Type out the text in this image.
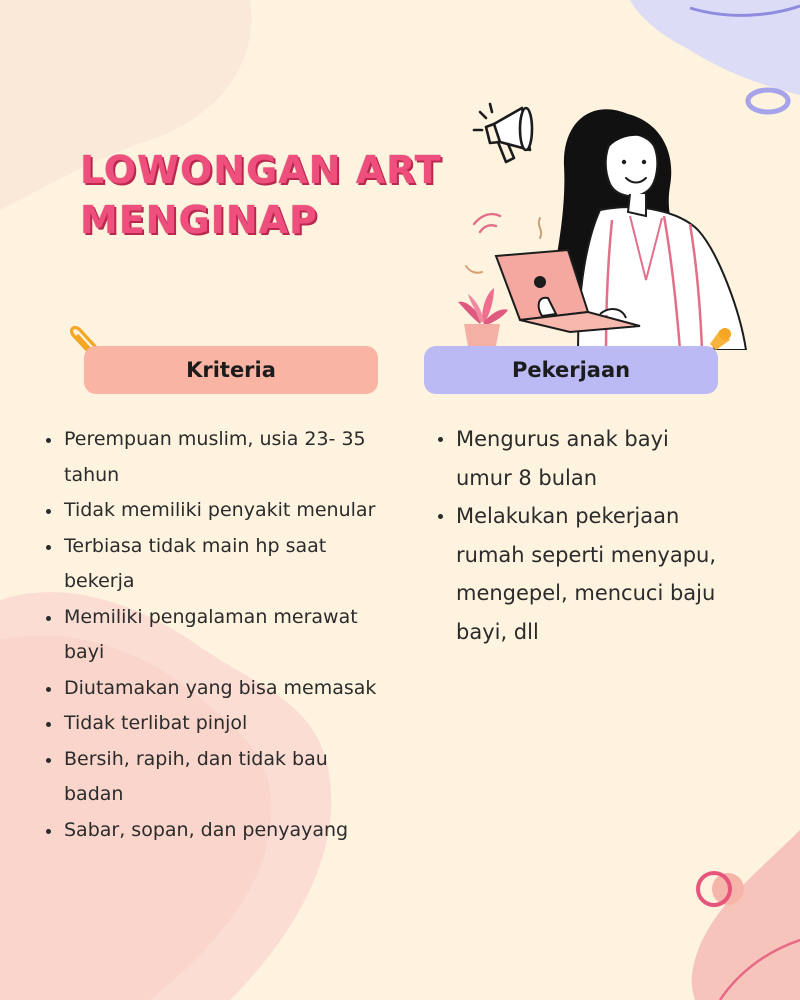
LOWONGAN ART
MENGINAP
Kriteria	Pekerjaan
Perempuan muslim, usia 23- 35 tahun
Tidak memiliki penyakit menular
Terbiasa tidak main hp saat bekerja
Memiliki pengalaman merawat bayi
Diutamakan yang bisa memasak
Tidak terlibat pinjol
Bersih, rapih, dan tidak bau badan
Sabar, sopan, dan penyayang
Mengurus anak bayi umur 8 bulan
Melakukan pekerjaan rumah seperti menyapu, mengepel, mencuci baju bayi, dll
